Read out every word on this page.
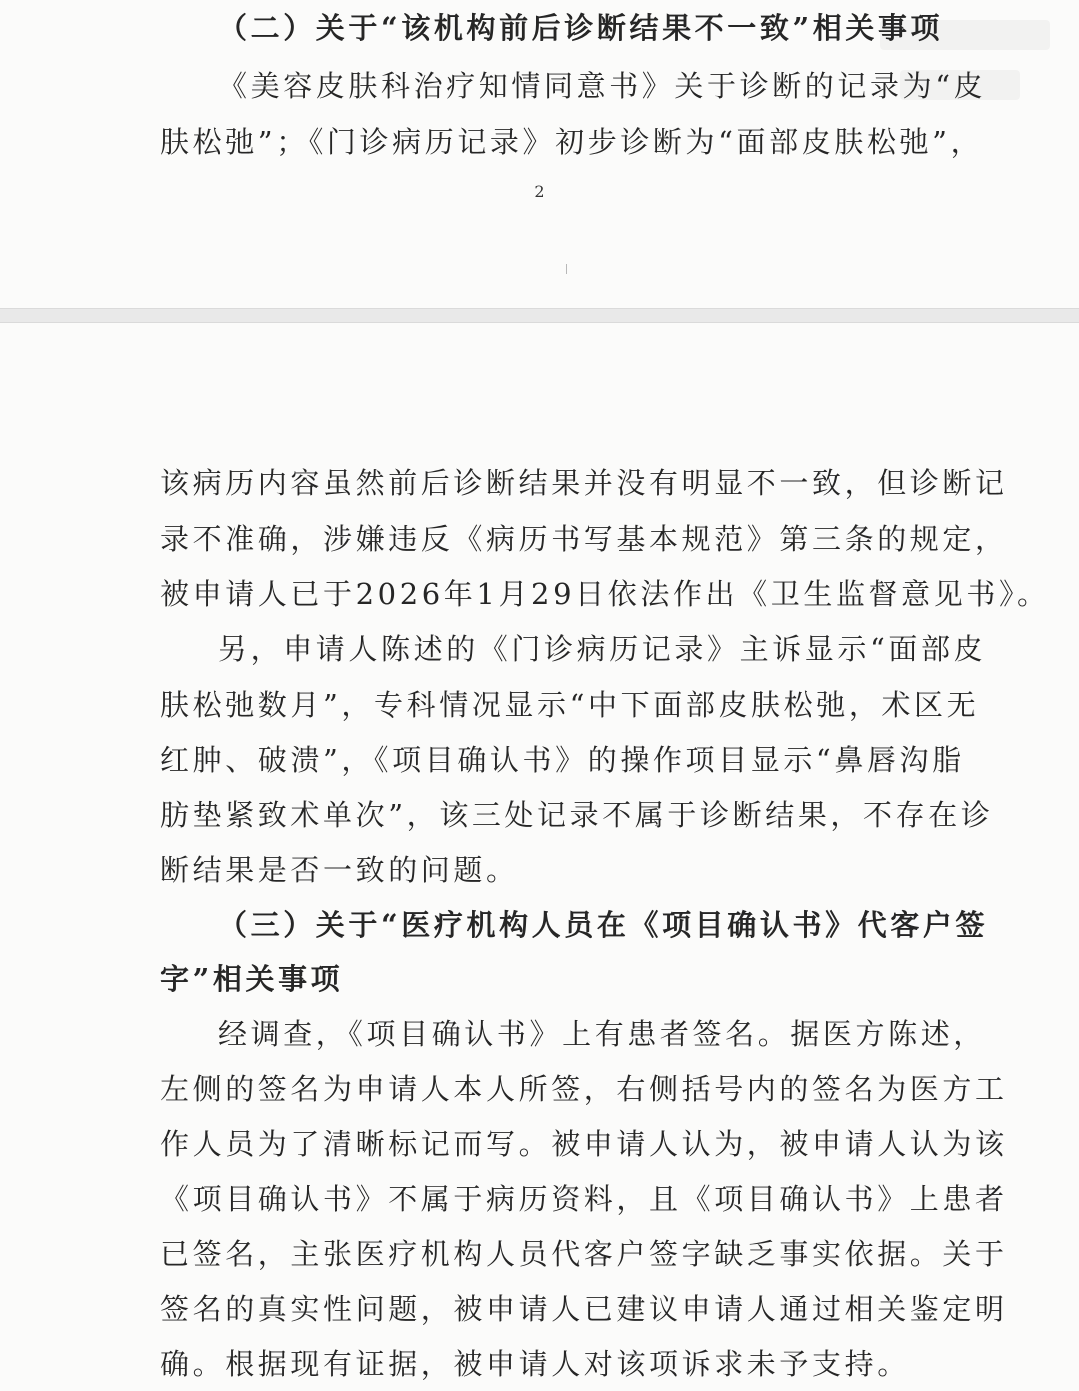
（二）关于“该机构前后诊断结果不一致”相关事项
《美容皮肤科治疗知情同意书》关于诊断的记录为“皮
肤松弛”；《门诊病历记录》初步诊断为“面部皮肤松弛”，
2
该病历内容虽然前后诊断结果并没有明显不一致，但诊断记
录不准确，涉嫌违反《病历书写基本规范》第三条的规定，
被申请人已于2026年1月29日依法作出《卫生监督意见书》。
另，申请人陈述的《门诊病历记录》主诉显示“面部皮
肤松弛数月”，专科情况显示“中下面部皮肤松弛，术区无
红肿、破溃”，《项目确认书》的操作项目显示“鼻唇沟脂
肪垫紧致术单次”，该三处记录不属于诊断结果，不存在诊
断结果是否一致的问题。
（三）关于“医疗机构人员在《项目确认书》代客户签
字”相关事项
经调查，《项目确认书》上有患者签名。据医方陈述，
左侧的签名为申请人本人所签，右侧括号内的签名为医方工
作人员为了清晰标记而写。被申请人认为，被申请人认为该
《项目确认书》不属于病历资料，且《项目确认书》上患者
已签名，主张医疗机构人员代客户签字缺乏事实依据。关于
签名的真实性问题，被申请人已建议申请人通过相关鉴定明
确。根据现有证据，被申请人对该项诉求未予支持。
